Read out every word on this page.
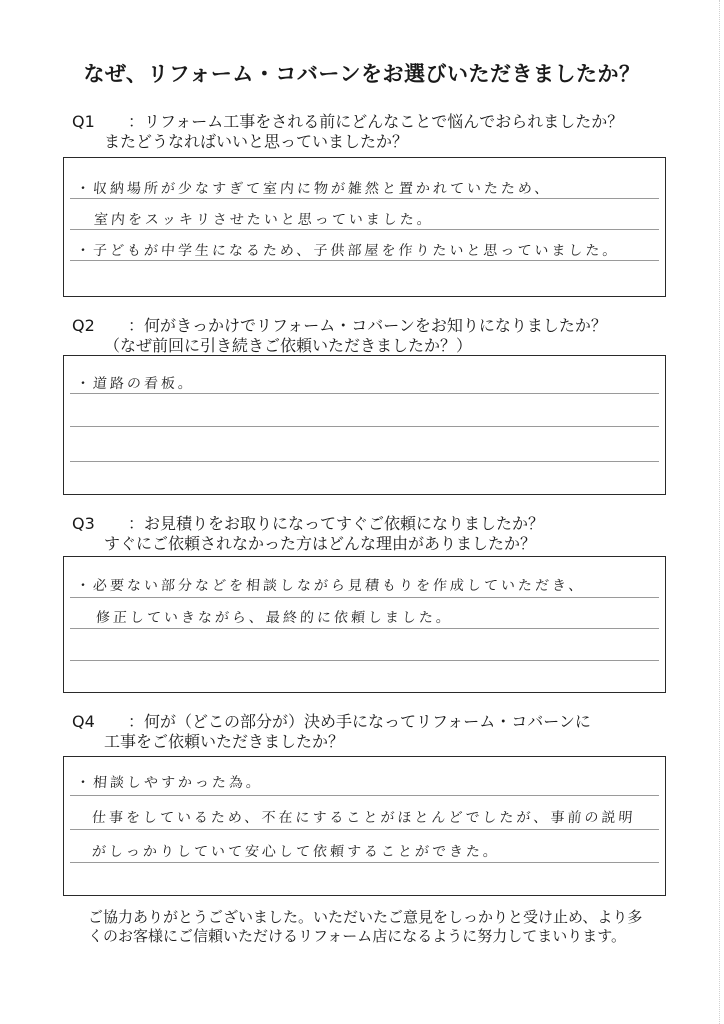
なぜ、リフォーム・コバーンをお選びいただきましたか？
Q1 ：リフォーム工事をされる前にどんなことで悩んでおられましたか？
またどうなればいいと思っていましたか？
・収納場所が少なすぎて室内に物が雑然と置かれていたため、
室内をスッキリさせたいと思っていました。
・子どもが中学生になるため、子供部屋を作りたいと思っていました。
Q2 ：何がきっかけでリフォーム・コバーンをお知りになりましたか？
（なぜ前回に引き続きご依頼いただきましたか？）
・道路の看板。
Q3 ：お見積りをお取りになってすぐご依頼になりましたか？
すぐにご依頼されなかった方はどんな理由がありましたか？
・必要ない部分などを相談しながら見積もりを作成していただき、
修正していきながら、最終的に依頼しました。
Q4 ：何が（どこの部分が）決め手になってリフォーム・コバーンに
工事をご依頼いただきましたか？
・相談しやすかった為。
仕事をしているため、不在にすることがほとんどでしたが、事前の説明
がしっかりしていて安心して依頼することができた。
ご協力ありがとうございました。いただいたご意見をしっかりと受け止め、より多くのお客様にご信頼いただけるリフォーム店になるように努力してまいります。
